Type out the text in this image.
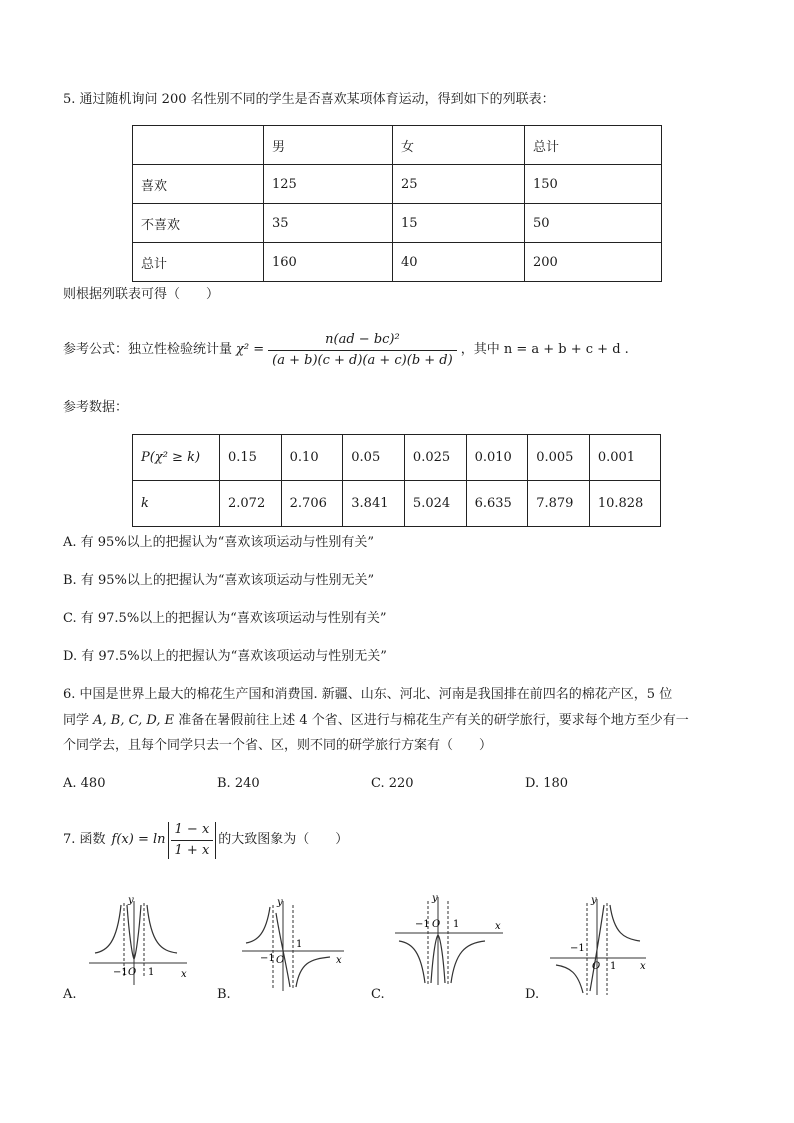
5. 通过随机询问 200 名性别不同的学生是否喜欢某项体育运动，得到如下的列联表：
	男	女	总计
喜欢	125	25	150
不喜欢	35	15	50
总计	160	40	200
则根据列联表可得（　　）
参考公式：独立性检验统计量 $\chi^2 = \frac{\text{n(ad − bc)²}}{(a + b)(c + d)(a + c)(b + d)}$ ，其中 n = a + b + c + d .
参考数据：
P(χ² ≥ k)	0.15	0.10	0.05	0.025	0.010	0.005	0.001
k	2.072	2.706	3.841	5.024	6.635	7.879	10.828
A. 有 95%以上的把握认为“喜欢该项运动与性别有关”
B. 有 95%以上的把握认为“喜欢该项运动与性别无关”
C. 有 97.5%以上的把握认为“喜欢该项运动与性别有关”
D. 有 97.5%以上的把握认为“喜欢该项运动与性别无关”
6. 中国是世界上最大的棉花生产国和消费国. 新疆、山东、河北、河南是我国排在前四名的棉花产区，5 位
同学 A, B, C, D, E 准备在暑假前往上述 4 个省、区进行与棉花生产有关的研学旅行，要求每个地方至少有一
个同学去，且每个同学只去一个省、区，则不同的研学旅行方案有（　　）
A. 480	B. 240	C. 220	D. 180
7. 函数 $f(x) = \ln \frac{1 - x}{1 + x}$ 的大致图象为（　　）
y
x
O
−1 1
A.
y
x
O
−1
1
B.
y
x
O
−1 1
C.
y
x
O
−1
1
D.
